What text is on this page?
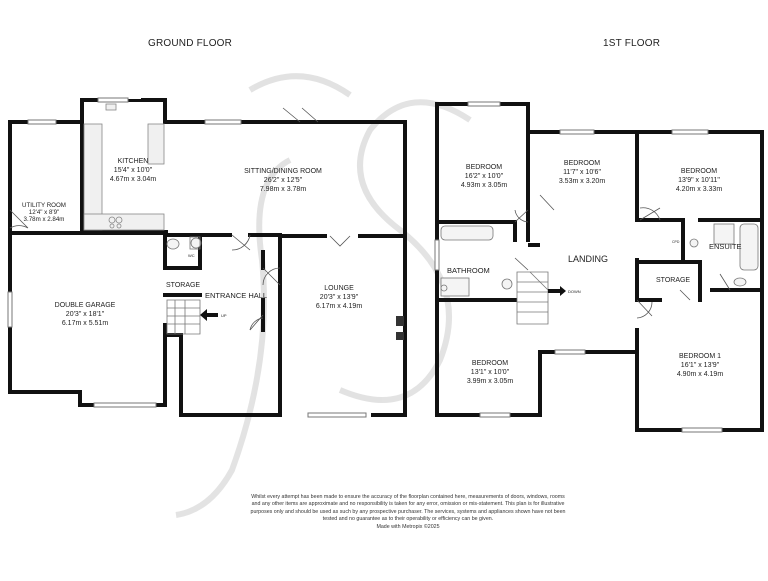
KITCHEN
15'4" x 10'0"
4.67m x 3.04m
SITTING/DINING ROOM
26'2" x 12'5"
7.98m x 3.78m
UTILITY ROOM
12'4" x 8'9"
3.78m x 2.84m
DOUBLE GARAGE
20'3" x 18'1"
6.17m x 5.51m
LOUNGE
20'3" x 13'9"
6.17m x 4.19m
BEDROOM
16'2" x 10'0"
4.93m x 3.05m
BEDROOM
11'7" x 10'6"
3.53m x 3.20m
BEDROOM
13'9" x 10'11"
4.20m x 3.33m
BEDROOM
13'1" x 10'0"
3.99m x 3.05m
BEDROOM 1
16'1" x 13'9"
4.90m x 4.19m
WC
STORAGE
ENTRANCE HALL
UP
BATHROOM
LANDING
DOWN
ENSUITE
STORAGE
CPD
GROUND FLOOR	1ST FLOOR
Whilst every attempt has been made to ensure the accuracy of the floorplan contained here, measurements of doors, windows, rooms and any other items are approximate and no responsibility is taken for any error, omission or mis-statement. This plan is for illustrative purposes only and should be used as such by any prospective purchaser. The services, systems and appliances shown have not been tested and no guarantee as to their operability or efficiency can be given.
Made with Metropix ©2025
